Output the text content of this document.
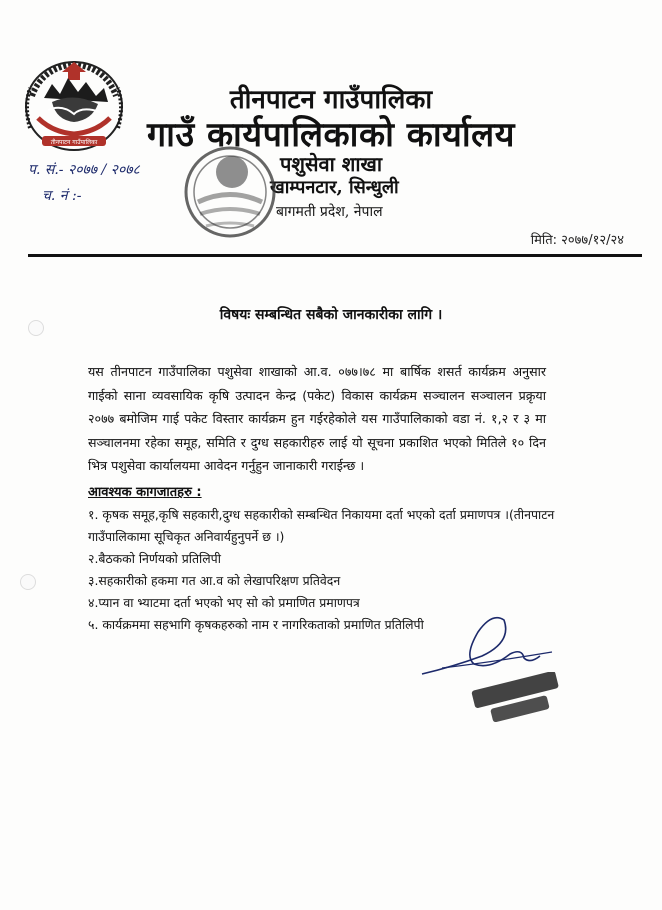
तीनपाटन गाउँपालिका
तीनपाटन गाउँपालिका
गाउँ कार्यपालिकाको कार्यालय
पशुसेवा शाखा
खाम्पनटार, सिन्धुली
बागमती प्रदेश, नेपाल
प. सं.- २०७७ / २०७८
च. नं :-
मिति: २०७७/१२/२४
विषयः सम्बन्धित सबैको जानकारीका लागि ।
यस तीनपाटन गाउँपालिका पशुसेवा शाखाको आ.व. ०७७।७८ मा बार्षिक शसर्त कार्यक्रम अनुसार गाईको साना व्यवसायिक कृषि उत्पादन केन्द्र (पकेट) विकास कार्यक्रम सञ्चालन सञ्चालन प्रक्रृया २०७७ बमोजिम गाई पकेट विस्तार कार्यक्रम हुन गईरहेकोले यस गाउँपालिकाको वडा नं. १,२ र ३ मा सञ्चालनमा रहेका समूह, समिति र दुग्ध सहकारीहरु लाई यो सूचना प्रकाशित भएको मितिले १० दिन भित्र पशुसेवा कार्यालयमा आवेदन गर्नुहुन जानाकारी गराईन्छ ।
आवश्यक कागजातहरु :
१. कृषक समूह,कृषि सहकारी,दुग्ध सहकारीको सम्बन्धित निकायमा दर्ता भएको दर्ता प्रमाणपत्र ।(तीनपाटन गाउँपालिकामा सूचिकृत अनिवार्यहुनुपर्ने छ ।)
२.बैठकको निर्णयको प्रतिलिपी
३.सहकारीको हकमा गत आ.व को लेखापरिक्षण प्रतिवेदन
४.प्यान वा भ्याटमा दर्ता भएको भए सो को प्रमाणित प्रमाणपत्र
५. कार्यक्रममा सहभागि कृषकहरुको नाम र नागरिकताको प्रमाणित प्रतिलिपी
